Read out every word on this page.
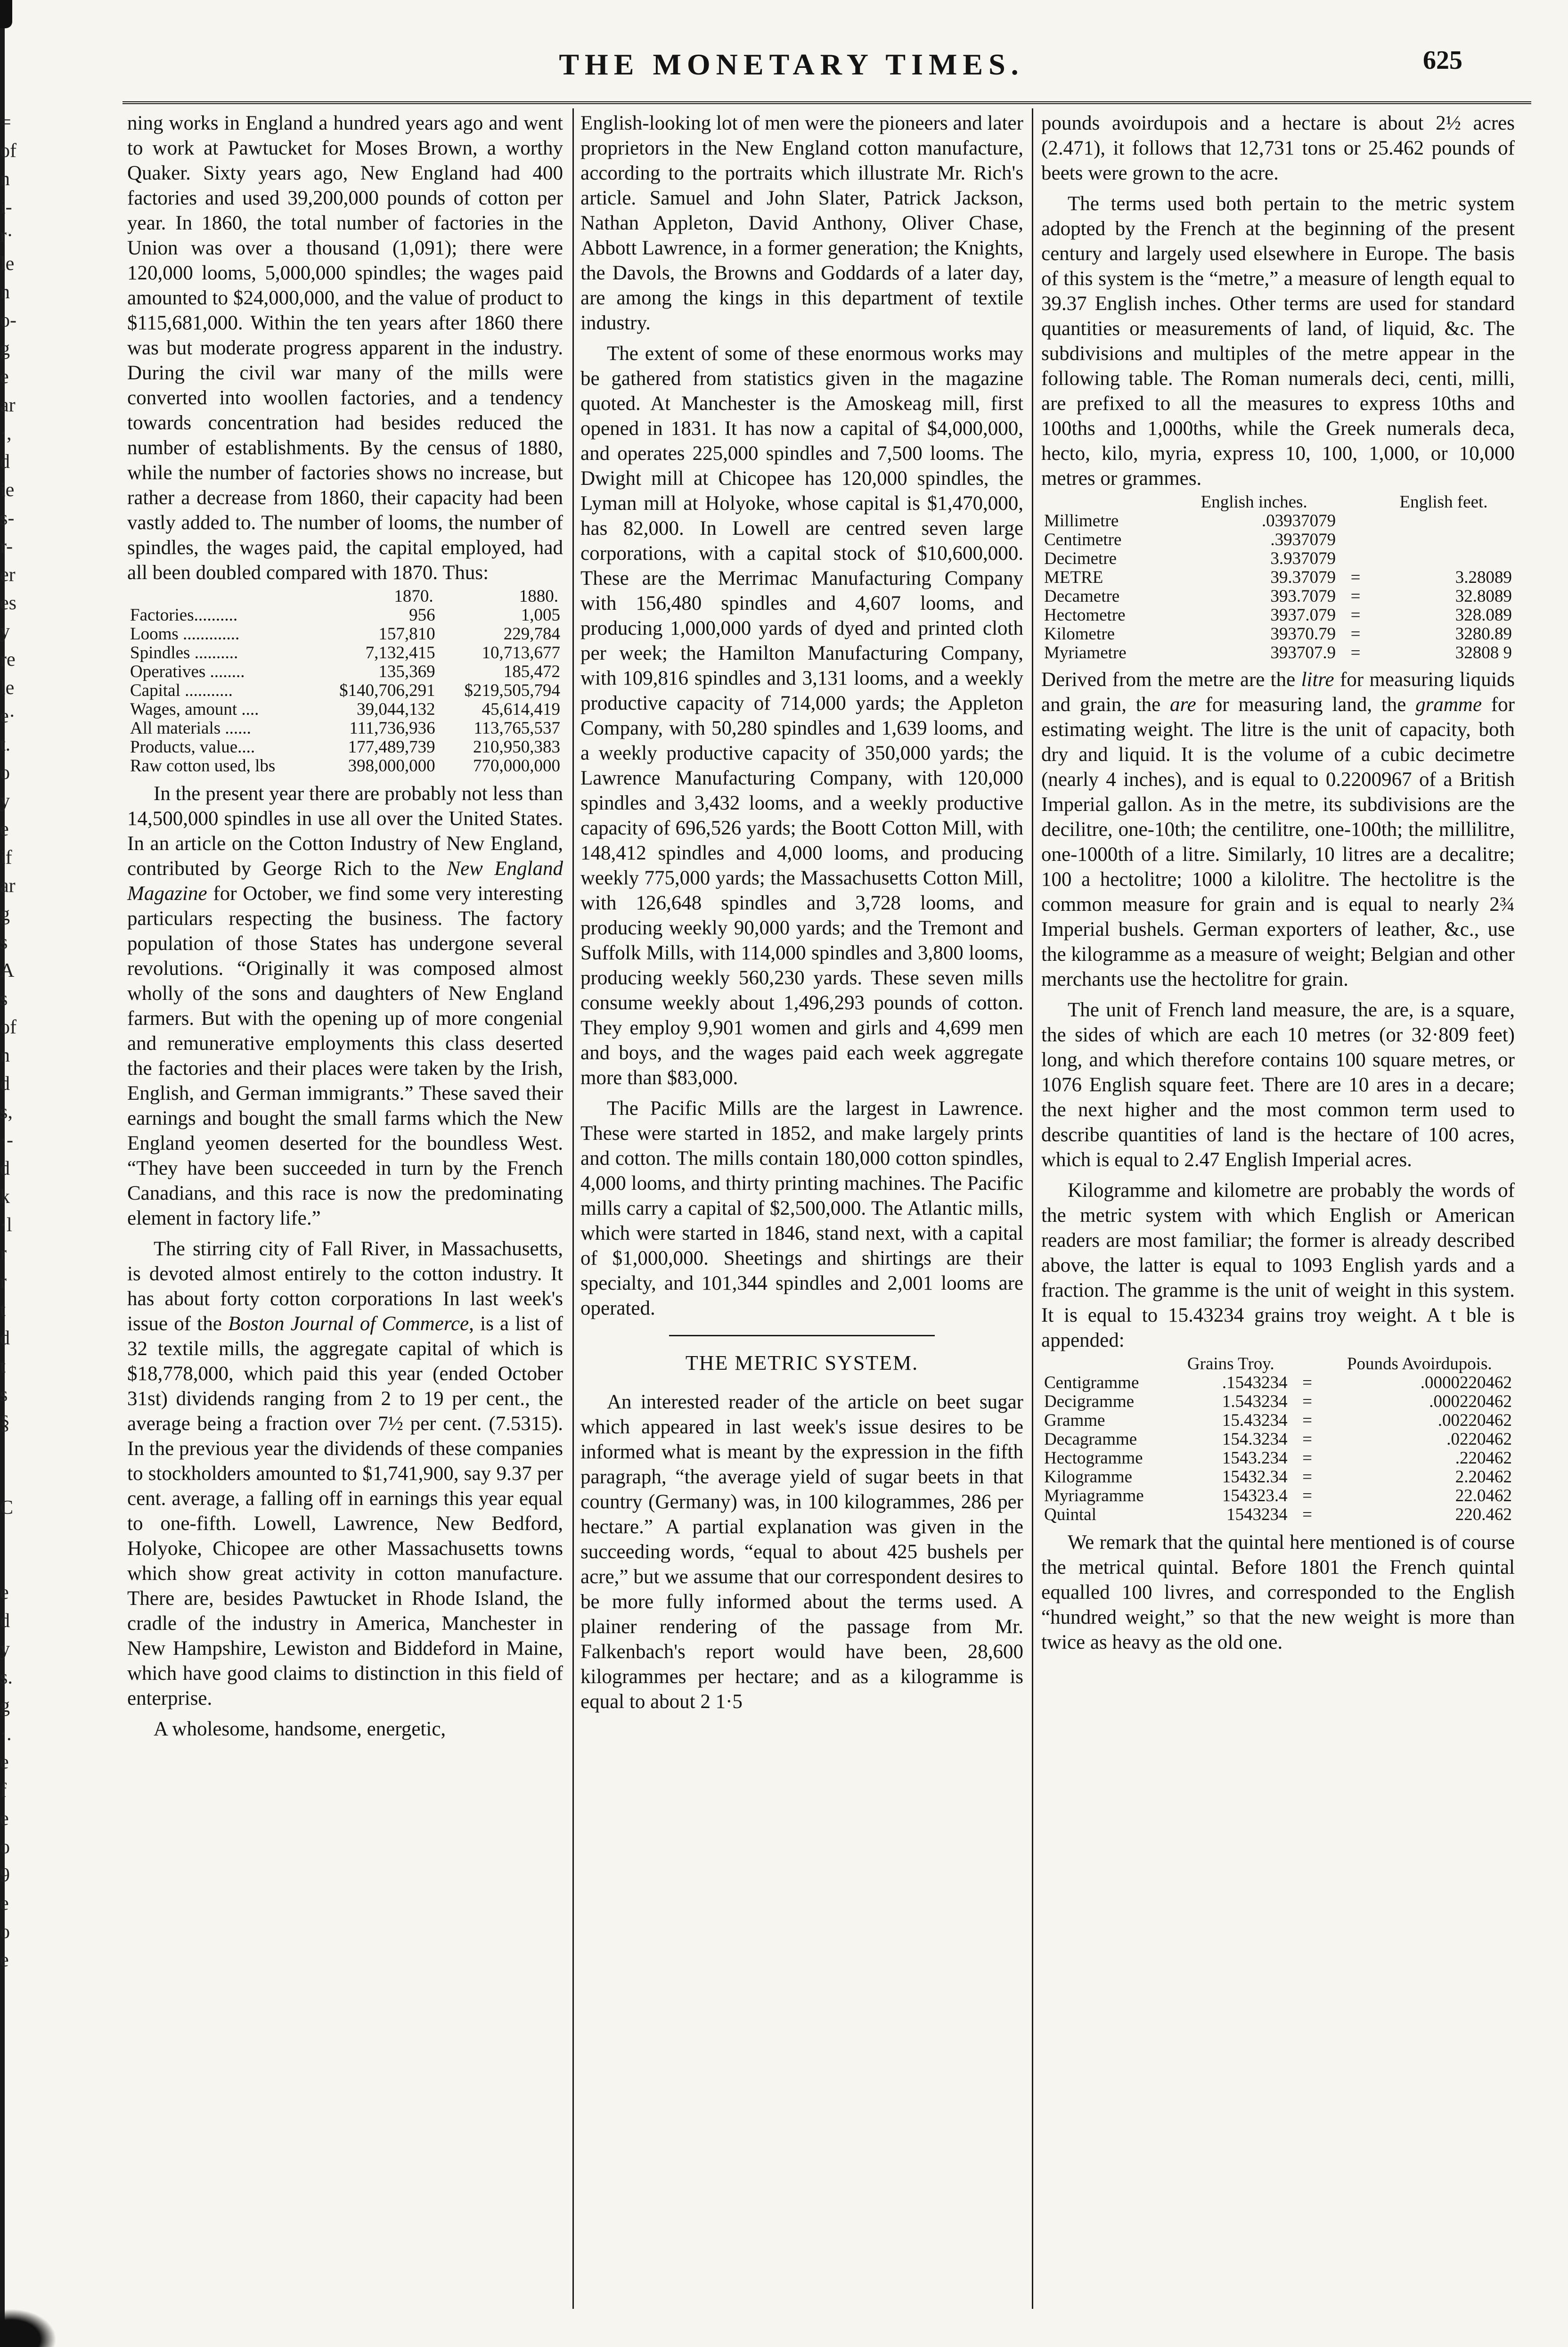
=
of
n
i-
r·
le
n
o-
g
e
ar
·,
d
ie
s-
r-
er
es
y
re
le
e·
t.
o
y
e
if
ar
g
s
A
s
of
n
d
s,
·-
d
k
·l
r
r
t
d
t
s
§

C

e
d
y
s.
g
·.
e
f
e
o
9
e
o
e
THE MONETARY TIMES.	625

ning works in England a hundred years ago and went to work at Pawtucket for Moses Brown, a worthy Quaker. Sixty years ago, New England had 400 factories and used 39,200,000 pounds of cotton per year. In 1860, the total number of factories in the Union was over a thousand (1,091); there were 120,000 looms, 5,000,000 spindles; the wages paid amounted to $24,000,000, and the value of product to $115,681,000. Within the ten years after 1860 there was but moderate progress apparent in the industry. During the civil war many of the mills were converted into woollen factories, and a tendency towards concentration had besides reduced the number of establishments. By the census of 1880, while the number of factories shows no increase, but rather a decrease from 1860, their capacity had been vastly added to. The number of looms, the number of spindles, the wages paid, the capital employed, had all been doubled compared with 1870. Thus:

	1870.	1880.
Factories..........	956	1,005
Looms .............	157,810	229,784
Spindles ..........	7,132,415	10,713,677
Operatives ........	135,369	185,472
Capital ...........	$140,706,291	$219,505,794
Wages, amount ....	39,044,132	45,614,419
All materials ......	111,736,936	113,765,537
Products, value....	177,489,739	210,950,383
Raw cotton used, lbs	398,000,000	770,000,000

In the present year there are probably not less than 14,500,000 spindles in use all over the United States. In an article on the Cotton Industry of New England, contributed by George Rich to the New England Magazine for October, we find some very interesting particulars respecting the business. The factory population of those States has undergone several revolutions. “Originally it was composed almost wholly of the sons and daughters of New England farmers. But with the opening up of more congenial and remunerative employments this class deserted the factories and their places were taken by the Irish, English, and German immigrants.” These saved their earnings and bought the small farms which the New England yeomen deserted for the boundless West. “They have been succeeded in turn by the French Canadians, and this race is now the predominating element in factory life.”

The stirring city of Fall River, in Massachusetts, is devoted almost entirely to the cotton industry. It has about forty cotton corporations In last week's issue of the Boston Journal of Commerce, is a list of 32 textile mills, the aggregate capital of which is $18,778,000, which paid this year (ended October 31st) dividends ranging from 2 to 19 per cent., the average being a fraction over 7½ per cent. (7.5315). In the previous year the dividends of these companies to stockholders amounted to $1,741,900, say 9.37 per cent. average, a falling off in earnings this year equal to one-fifth. Lowell, Lawrence, New Bedford, Holyoke, Chicopee are other Massachusetts towns which show great activity in cotton manufacture. There are, besides Pawtucket in Rhode Island, the cradle of the industry in America, Manchester in New Hampshire, Lewiston and Biddeford in Maine, which have good claims to distinction in this field of enterprise.

A wholesome, handsome, energetic,

English-looking lot of men were the pioneers and later proprietors in the New England cotton manufacture, according to the portraits which illustrate Mr. Rich's article. Samuel and John Slater, Patrick Jackson, Nathan Appleton, David Anthony, Oliver Chase, Abbott Lawrence, in a former generation; the Knights, the Davols, the Browns and Goddards of a later day, are among the kings in this department of textile industry.

The extent of some of these enormous works may be gathered from statistics given in the magazine quoted. At Manchester is the Amoskeag mill, first opened in 1831. It has now a capital of $4,000,000, and operates 225,000 spindles and 7,500 looms. The Dwight mill at Chicopee has 120,000 spindles, the Lyman mill at Holyoke, whose capital is $1,470,000, has 82,000. In Lowell are centred seven large corporations, with a capital stock of $10,600,000. These are the Merrimac Manufacturing Company with 156,480 spindles and 4,607 looms, and producing 1,000,000 yards of dyed and printed cloth per week; the Hamilton Manufacturing Company, with 109,816 spindles and 3,131 looms, and a weekly productive capacity of 714,000 yards; the Appleton Company, with 50,280 spindles and 1,639 looms, and a weekly productive capacity of 350,000 yards; the Lawrence Manufacturing Company, with 120,000 spindles and 3,432 looms, and a weekly productive capacity of 696,526 yards; the Boott Cotton Mill, with 148,412 spindles and 4,000 looms, and producing weekly 775,000 yards; the Massachusetts Cotton Mill, with 126,648 spindles and 3,728 looms, and producing weekly 90,000 yards; and the Tremont and Suffolk Mills, with 114,000 spindles and 3,800 looms, producing weekly 560,230 yards. These seven mills consume weekly about 1,496,293 pounds of cotton. They employ 9,901 women and girls and 4,699 men and boys, and the wages paid each week aggregate more than $83,000.

The Pacific Mills are the largest in Lawrence. These were started in 1852, and make largely prints and cotton. The mills contain 180,000 cotton spindles, 4,000 looms, and thirty printing machines. The Pacific mills carry a capital of $2,500,000. The Atlantic mills, which were started in 1846, stand next, with a capital of $1,000,000. Sheetings and shirtings are their specialty, and 101,344 spindles and 2,001 looms are operated.

THE METRIC SYSTEM.

An interested reader of the article on beet sugar which appeared in last week's issue desires to be informed what is meant by the expression in the fifth paragraph, “the average yield of sugar beets in that country (Germany) was, in 100 kilogrammes, 286 per hectare.” A partial explanation was given in the succeeding words, “equal to about 425 bushels per acre,” but we assume that our correspondent desires to be more fully informed about the terms used. A plainer rendering of the passage from Mr. Falkenbach's report would have been, 28,600 kilogrammes per hectare; and as a kilogramme is equal to about 2 1·5

pounds avoirdupois and a hectare is about 2½ acres (2.471), it follows that 12,731 tons or 25.462 pounds of beets were grown to the acre.

The terms used both pertain to the metric system adopted by the French at the beginning of the present century and largely used elsewhere in Europe. The basis of this system is the “metre,” a measure of length equal to 39.37 English inches. Other terms are used for standard quantities or measurements of land, of liquid, &c. The subdivisions and multiples of the metre appear in the following table. The Roman numerals deci, centi, milli, are prefixed to all the measures to express 10ths and 100ths and 1,000ths, while the Greek numerals deca, hecto, kilo, myria, express 10, 100, 1,000, or 10,000 metres or grammes.

	English inches.		English feet.
Millimetre	.03937079		
Centimetre	.3937079		
Decimetre	3.937079		
METRE	39.37079	=	3.28089
Decametre	393.7079	=	32.8089
Hectometre	3937.079	=	328.089
Kilometre	39370.79	=	3280.89
Myriametre	393707.9	=	32808 9

Derived from the metre are the litre for measuring liquids and grain, the are for measuring land, the gramme for estimating weight. The litre is the unit of capacity, both dry and liquid. It is the volume of a cubic decimetre (nearly 4 inches), and is equal to 0.2200967 of a British Imperial gallon. As in the metre, its subdivisions are the decilitre, one-10th; the centilitre, one-100th; the millilitre, one-1000th of a litre. Similarly, 10 litres are a decalitre; 100 a hectolitre; 1000 a kilolitre. The hectolitre is the common measure for grain and is equal to nearly 2¾ Imperial bushels. German exporters of leather, &c., use the kilogramme as a measure of weight; Belgian and other merchants use the hectolitre for grain.

The unit of French land measure, the are, is a square, the sides of which are each 10 metres (or 32·809 feet) long, and which therefore contains 100 square metres, or 1076 English square feet. There are 10 ares in a decare; the next higher and the most common term used to describe quantities of land is the hectare of 100 acres, which is equal to 2.47 English Imperial acres.

Kilogramme and kilometre are probably the words of the metric system with which English or American readers are most familiar; the former is already described above, the latter is equal to 1093 English yards and a fraction. The gramme is the unit of weight in this system. It is equal to 15.43234 grains troy weight. A t ble is appended:

	Grains Troy.		Pounds Avoirdupois.
Centigramme	.1543234	=	.0000220462
Decigramme	1.543234	=	.000220462
Gramme	15.43234	=	.00220462
Decagramme	154.3234	=	.0220462
Hectogramme	1543.234	=	.220462
Kilogramme	15432.34	=	2.20462
Myriagramme	154323.4	=	22.0462
Quintal	1543234	=	220.462

We remark that the quintal here mentioned is of course the metrical quintal. Before 1801 the French quintal equalled 100 livres, and corresponded to the English “hundred weight,” so that the new weight is more than twice as heavy as the old one.
